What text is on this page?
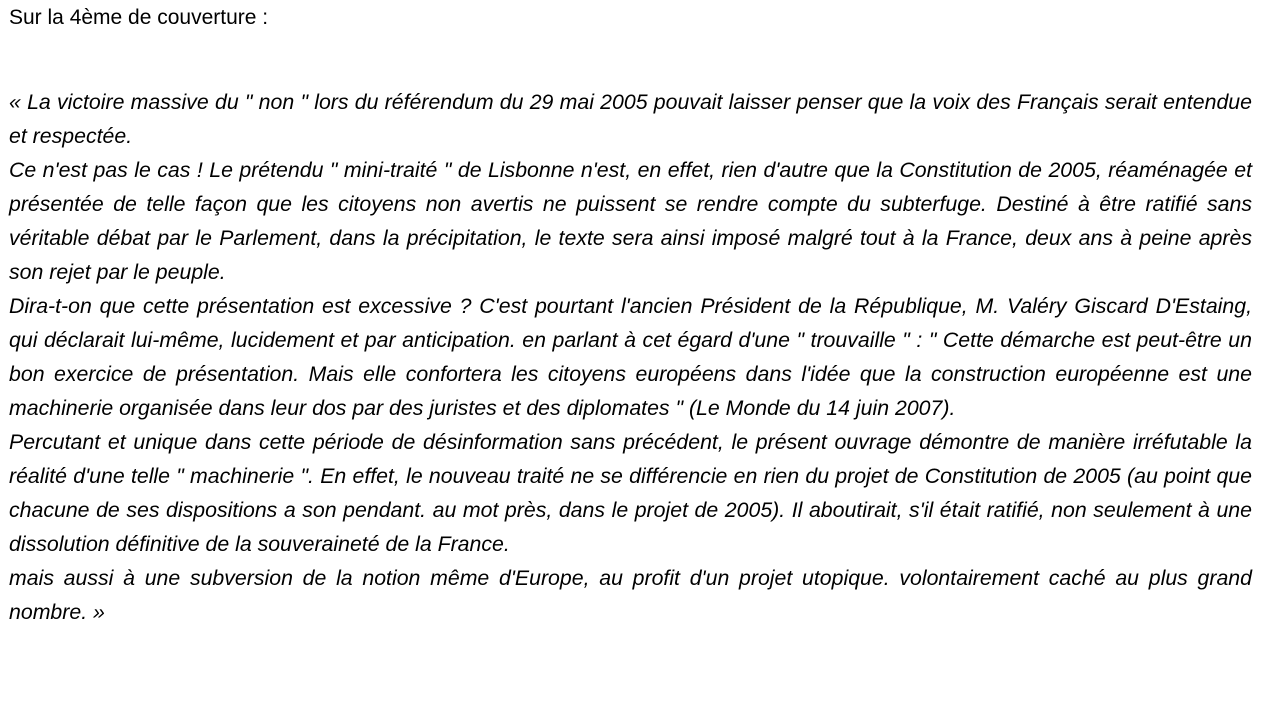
Sur la 4ème de couverture :

« La victoire massive du " non " lors du référendum du 29 mai 2005 pouvait laisser penser que la voix des Français serait entendue et respectée.

Ce n'est pas le cas ! Le prétendu " mini-traité " de Lisbonne n'est, en effet, rien d'autre que la Constitution de 2005, réaménagée et présentée de telle façon que les citoyens non avertis ne puissent se rendre compte du subterfuge. Destiné à être ratifié sans véritable débat par le Parlement, dans la précipitation, le texte sera ainsi imposé malgré tout à la France, deux ans à peine après son rejet par le peuple.

Dira-t-on que cette présentation est excessive ? C'est pourtant l'ancien Président de la République, M. Valéry Giscard D'Estaing, qui déclarait lui-même, lucidement et par anticipation. en parlant à cet égard d'une " trouvaille " : " Cette démarche est peut-être un bon exercice de présentation. Mais elle confortera les citoyens européens dans l'idée que la construction européenne est une machinerie organisée dans leur dos par des juristes et des diplomates " (Le Monde du 14 juin 2007).

Percutant et unique dans cette période de désinformation sans précédent, le présent ouvrage démontre de manière irréfutable la réalité d'une telle " machinerie ". En effet, le nouveau traité ne se différencie en rien du projet de Constitution de 2005 (au point que chacune de ses dispositions a son pendant. au mot près, dans le projet de 2005). Il aboutirait, s'il était ratifié, non seulement à une dissolution définitive de la souveraineté de la France.

mais aussi à une subversion de la notion même d'Europe, au profit d'un projet utopique. volontairement caché au plus grand nombre. »
